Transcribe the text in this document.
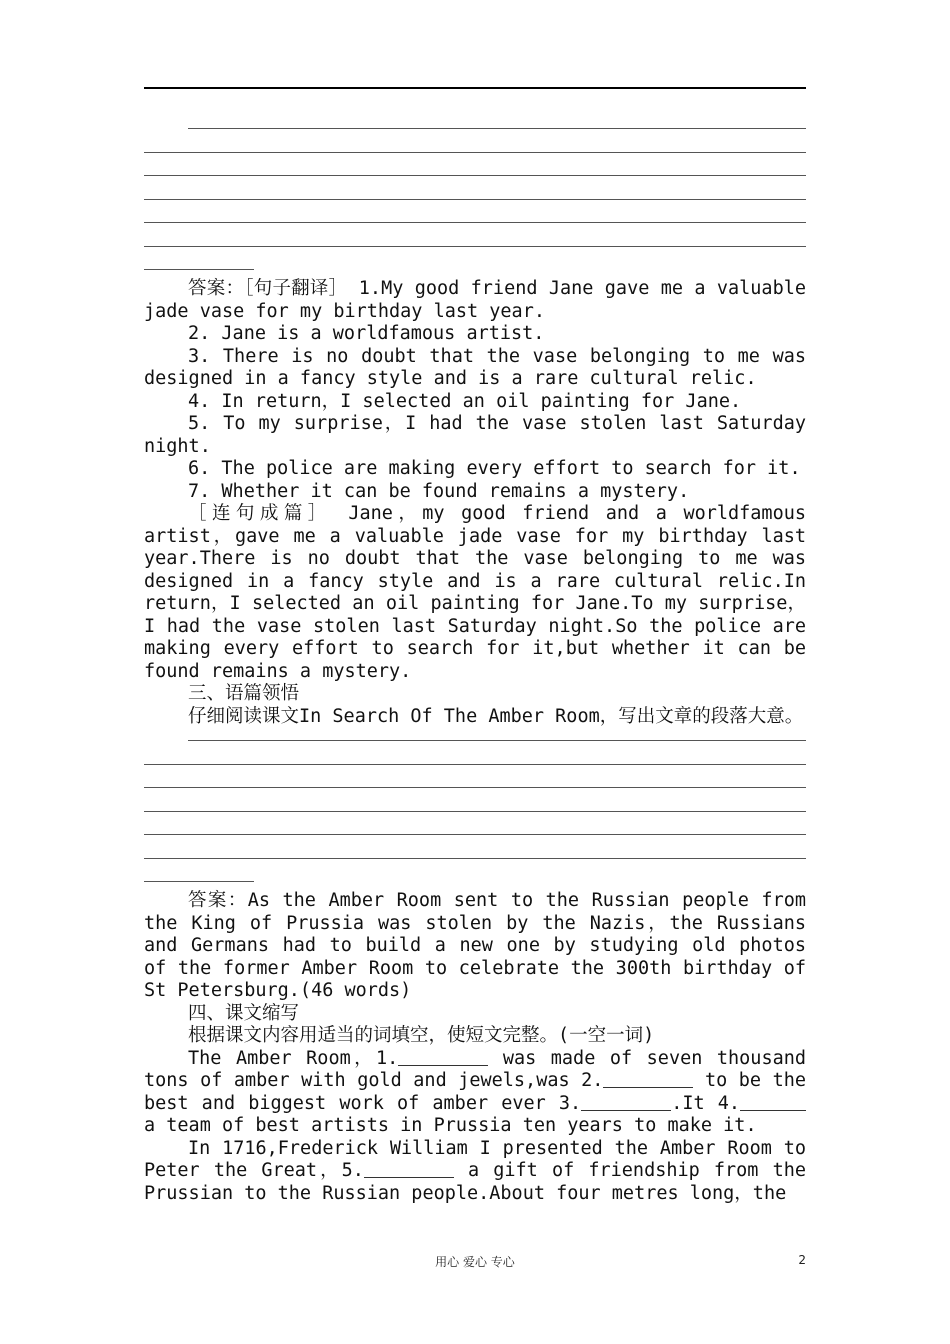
答案：［句子翻译］ 1.My good friend Jane gave me a valuable jade vase for my birthday last year.

2. Jane is a worldfamous artist.

3. There is no doubt that the vase belonging to me was designed in a fancy style and is a rare cultural relic.

4. In return，I selected an oil painting for Jane.

5. To my surprise，I had the vase stolen last Saturday night.

6. The police are making every effort to search for it.

7. Whether it can be found remains a mystery.

［连句成篇］ Jane，my good friend and a worldfamous artist，gave me a valuable jade vase for my birthday last year.There is no doubt that the vase belonging to me was designed in a fancy style and is a rare cultural relic.In return，I selected an oil painting for Jane.To my surprise，I had the vase stolen last Saturday night.So the police are making every effort to search for it,but whether it can be found remains a mystery.

三、语篇领悟

仔细阅读课文In Search Of The Amber Room，写出文章的段落大意。

答案：As the Amber Room sent to the Russian people from the King of Prussia was stolen by the Nazis，the Russians and Germans had to build a new one by studying old photos of the former Amber Room to celebrate the 300th birthday of St Petersburg.(46 words)

四、课文缩写

根据课文内容用适当的词填空，使短文完整。(一空一词)

The Amber Room，1.	was made of seven thousand tons of amber with gold and jewels,was 2.	to be the best and biggest work of amber ever 3.	.It 4. a team of best artists in Prussia ten years to make it.

In 1716,Frederick William I presented the Amber Room to Peter the Great，5.	a gift of friendship from the Prussian to the Russian people.About four metres long，the

用心 爱心 专心	2
